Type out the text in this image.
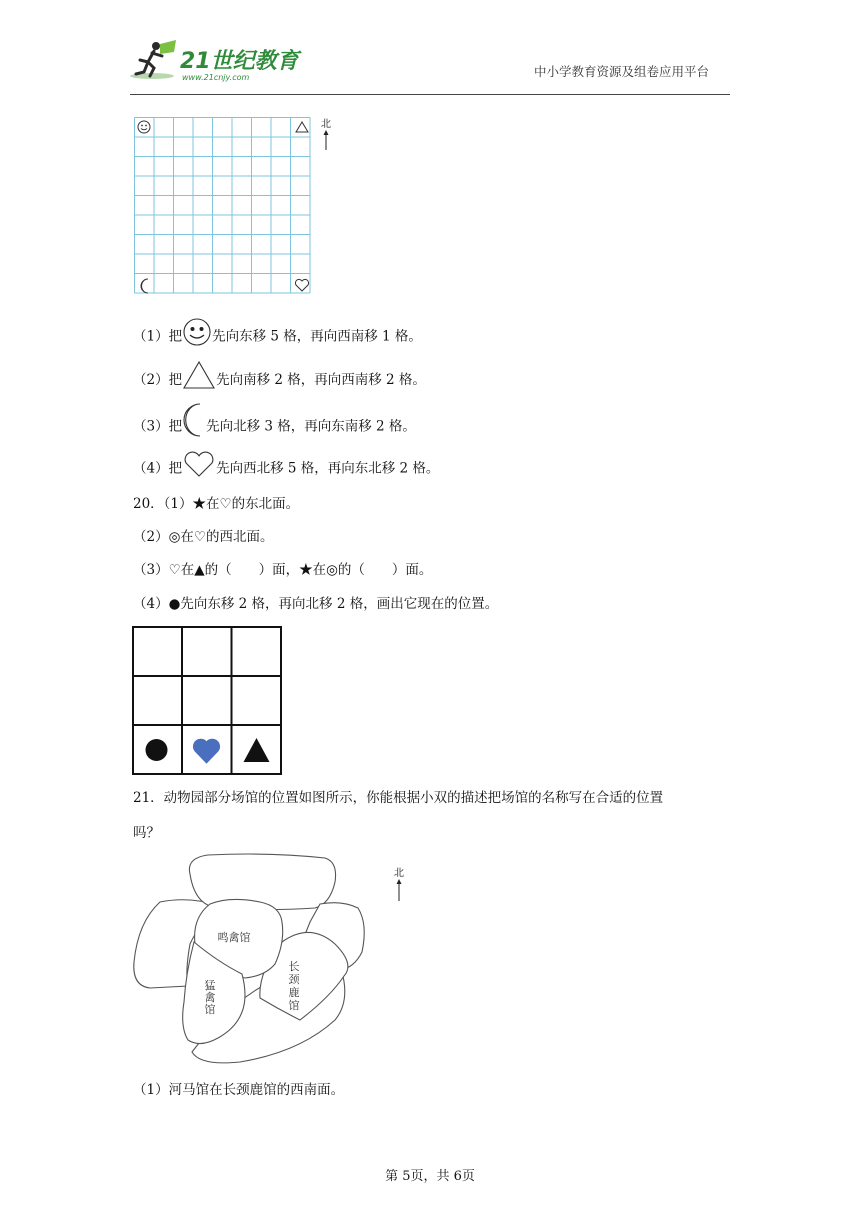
21世纪教育
www.21cnjy.com	中小学教育资源及组卷应用平台
北
（1）把 先向东移 5 格，再向西南移 1 格。
（2）把	先向南移 2 格，再向西南移 2 格。
（3）把 先向北移 3 格，再向东南移 2 格。
（4）把	先向西北移 5 格，再向东北移 2 格。
20．（1）★在♡的东北面。
（2）◎在♡的西北面。
（3）♡在▲的（　　）面，★在◎的（　　）面。
（4）●先向东移 2 格，再向北移 2 格，画出它现在的位置。
21．动物园部分场馆的位置如图所示，你能根据小双的描述把场馆的名称写在合适的位置
吗？
鸣禽馆
猛
禽
馆
长
颈
鹿
馆
北
（1）河马馆在长颈鹿馆的西南面。
第 5页，共 6页
